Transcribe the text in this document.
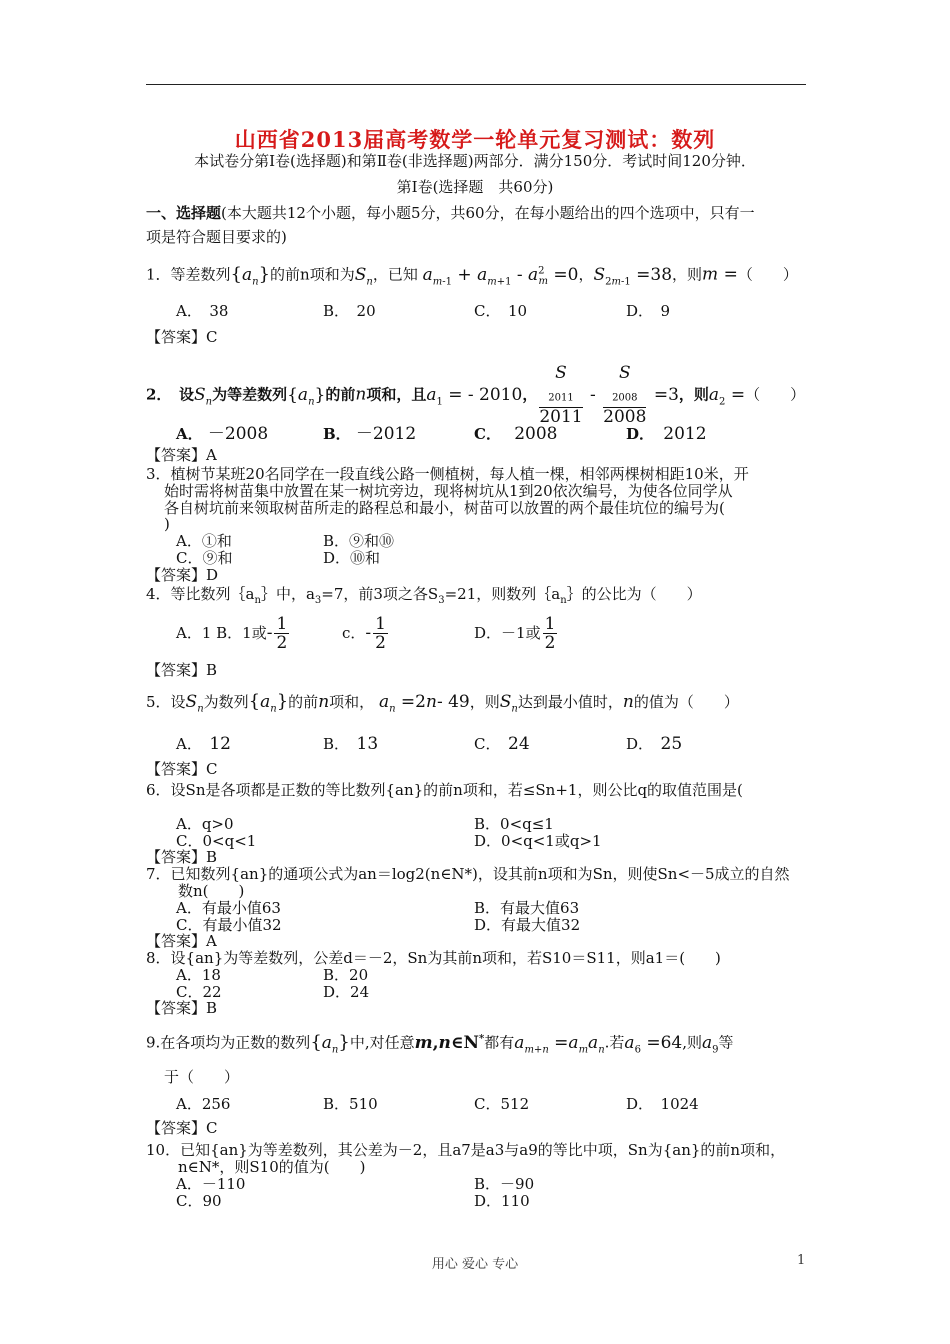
山西省2013届高考数学一轮单元复习测试：数列
本试卷分第Ⅰ卷(选择题)和第Ⅱ卷(非选择题)两部分．满分150分．考试时间120分钟．
第Ⅰ卷(选择题　共60分)
一、选择题(本大题共12个小题，每小题5分，共60分，在每小题给出的四个选项中，只有一
项是符合题目要求的)
1．等差数列$\{a_n\}$的前n项和为$S_n$，已知 $a_{m-1} + a_{m+1} - a^2_m =0$，$S_{2m-1} =38$，则m =（　　）
A．　38	B．　20	C．　10	D．　9
【答案】C
2．　 设$S_n$为等差数列$\{a_n\}$的前n项和，且$a_1$ = - 2010， S
$_{2011}$
2011 - S
$_{2008}$
2008 =3，则$a_2$ =（　　）
A． －2008	B． －2012	C． 2008	D． 2012
【答案】A
3．植树节某班20名同学在一段直线公路一侧植树，每人植一棵，相邻两棵树相距10米，开
始时需将树苗集中放置在某一树坑旁边，现将树坑从1到20依次编号，为使各位同学从
各自树坑前来领取树苗所走的路程总和最小，树苗可以放置的两个最佳坑位的编号为(
)
A．①和	B．⑨和⑩
C．⑨和	D．⑩和
【答案】D
4．等比数列$\{a_n\}$中，$a_3=7$，前3项之各$S_3=21$，则数列$\{a_n\}$的公比为（　　）
A．1 B．1或- $\frac{1}{2}$	c．- $\frac{1}{2}$	D．－1或 $\frac{1}{2}$
【答案】B
5．设$S_n$为数列$\{a_n\}$的前n项和， $a_n =2n-$ 49，则$S_n$达到最小值时，n的值为（　　）
A．　 12	B．　 13	C．　 24	D．　 25
【答案】C
6．设Sn是各项都是正数的等比数列{an}的前n项和，若≤Sn+1，则公比q的取值范围是(
A．q>0	B．0<q≤1
C．0<q<1	D．0<q<1或q>1
【答案】B
7．已知数列{an}的通项公式为an＝log2(n∈N*)，设其前n项和为Sn，则使Sn<－5成立的自然
数n(　　)
A．有最小值63	B．有最大值63
C．有最小值32	D．有最大值32
【答案】A
8．设{an}为等差数列，公差d＝－2，Sn为其前n项和，若S10＝S11，则a1＝(　　)
A．18	B．20
C．22	D．24
【答案】B
9.在各项均为正数的数列$\{a_n\}$中,对任意m,n∈N*都有$a_{m+n} =a_ma_n$.若$a_6 =64$,则$a_9$等
于（　　）
A．256	B．510	C．512	D．　1024
【答案】C
10．已知{an}为等差数列，其公差为－2，且a7是a3与a9的等比中项，Sn为{an}的前n项和，
n∈N*，则S10的值为(　　)
A．－110	B．－90
C．90	D．110
用心 爱心 专心	1
